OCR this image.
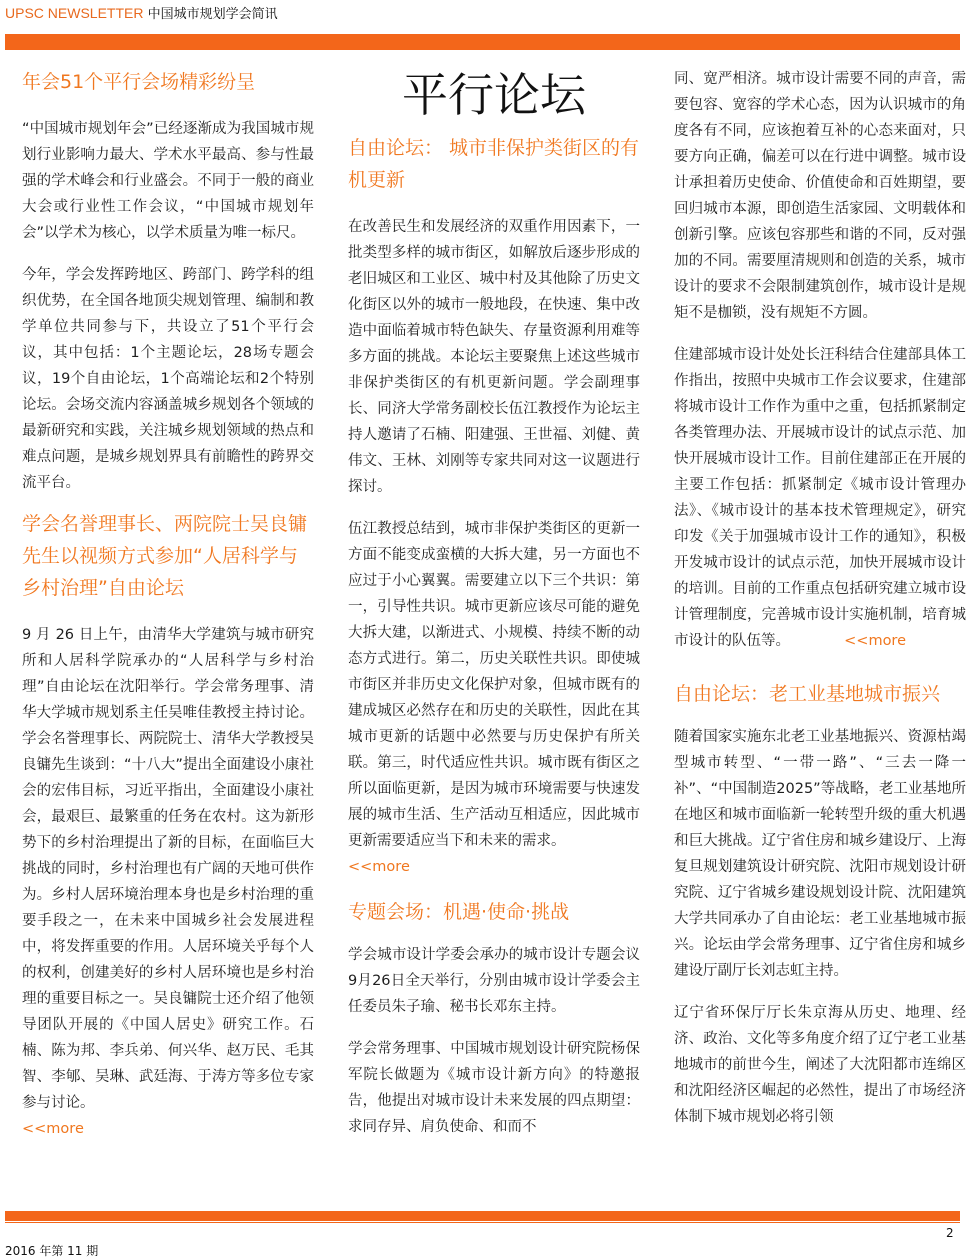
UPSC NEWSLETTER 中国城市规划学会简讯
年会51个平行会场精彩纷呈

“中国城市规划年会”已经逐渐成为我国城市规划行业影响力最大、学术水平最高、参与性最强的学术峰会和行业盛会。不同于一般的商业大会或行业性工作会议，“中国城市规划年会”以学术为核心，以学术质量为唯一标尺。

今年，学会发挥跨地区、跨部门、跨学科的组织优势，在全国各地顶尖规划管理、编制和教学单位共同参与下，共设立了51个平行会议，其中包括：1个主题论坛，28场专题会议，19个自由论坛，1个高端论坛和2个特别论坛。会场交流内容涵盖城乡规划各个领域的最新研究和实践，关注城乡规划领域的热点和难点问题，是城乡规划界具有前瞻性的跨界交流平台。

学会名誉理事长、两院院士吴良镛先生以视频方式参加“人居科学与乡村治理”自由论坛

9 月 26 日上午，由清华大学建筑与城市研究所和人居科学院承办的“人居科学与乡村治理”自由论坛在沈阳举行。学会常务理事、清华大学城市规划系主任吴唯佳教授主持讨论。学会名誉理事长、两院院士、清华大学教授吴良镛先生谈到：“十八大”提出全面建设小康社会的宏伟目标，习近平指出，全面建设小康社会，最艰巨、最繁重的任务在农村。这为新形势下的乡村治理提出了新的目标，在面临巨大挑战的同时，乡村治理也有广阔的天地可供作为。乡村人居环境治理本身也是乡村治理的重要手段之一，在未来中国城乡社会发展进程中，将发挥重要的作用。人居环境关乎每个人的权利，创建美好的乡村人居环境也是乡村治理的重要目标之一。吴良镛院士还介绍了他领导团队开展的《中国人居史》研究工作。石楠、陈为邦、李兵弟、何兴华、赵万民、毛其智、李郇、吴琳、武廷海、于涛方等多位专家参与讨论。

<<more
平行论坛
自由论坛： 城市非保护类街区的有机更新

在改善民生和发展经济的双重作用因素下，一批类型多样的城市街区，如解放后逐步形成的老旧城区和工业区、城中村及其他除了历史文化街区以外的城市一般地段，在快速、集中改造中面临着城市特色缺失、存量资源利用难等多方面的挑战。本论坛主要聚焦上述这些城市非保护类街区的有机更新问题。学会副理事长、同济大学常务副校长伍江教授作为论坛主持人邀请了石楠、阳建强、王世福、刘健、黄伟文、王林、刘刚等专家共同对这一议题进行探讨。

伍江教授总结到，城市非保护类街区的更新一方面不能变成蛮横的大拆大建，另一方面也不应过于小心翼翼。需要建立以下三个共识：第一，引导性共识。城市更新应该尽可能的避免大拆大建，以渐进式、小规模、持续不断的动态方式进行。第二，历史关联性共识。即使城市街区并非历史文化保护对象，但城市既有的建成城区必然存在和历史的关联性，因此在其城市更新的话题中必然要与历史保护有所关联。第三，时代适应性共识。城市既有街区之所以面临更新，是因为城市环境需要与快速发展的城市生活、生产活动互相适应，因此城市更新需要适应当下和未来的需求。

<<more
专题会场：机遇·使命·挑战

学会城市设计学委会承办的城市设计专题会议9月26日全天举行，分别由城市设计学委会主任委员朱子瑜、秘书长邓东主持。

学会常务理事、中国城市规划设计研究院杨保军院长做题为《城市设计新方向》的特邀报告，他提出对城市设计未来发展的四点期望：求同存异、肩负使命、和而不

同、宽严相济。城市设计需要不同的声音，需要包容、宽容的学术心态，因为认识城市的角度各有不同，应该抱着互补的心态来面对，只要方向正确，偏差可以在行进中调整。城市设计承担着历史使命、价值使命和百姓期望，要回归城市本源，即创造生活家园、文明载体和创新引擎。应该包容那些和谐的不同，反对强加的不同。需要厘清规则和创造的关系，城市设计的要求不会限制建筑创作，城市设计是规矩不是枷锁，没有规矩不方圆。

住建部城市设计处处长汪科结合住建部具体工作指出，按照中央城市工作会议要求，住建部将城市设计工作作为重中之重，包括抓紧制定各类管理办法、开展城市设计的试点示范、加快开展城市设计工作。目前住建部正在开展的主要工作包括：抓紧制定《城市设计管理办法》、《城市设计的基本技术管理规定》，研究印发《关于加强城市设计工作的通知》，积极开发城市设计的试点示范，加快开展城市设计的培训。目前的工作重点包括研究建立城市设计管理制度，完善城市设计实施机制，培育城市设计的队伍等。	<<more
自由论坛：老工业基地城市振兴

随着国家实施东北老工业基地振兴、资源枯竭型城市转型、“一带一路”、“三去一降一补”、“中国制造2025”等战略，老工业基地所在地区和城市面临新一轮转型升级的重大机遇和巨大挑战。辽宁省住房和城乡建设厅、上海复旦规划建筑设计研究院、沈阳市规划设计研究院、辽宁省城乡建设规划设计院、沈阳建筑大学共同承办了自由论坛：老工业基地城市振兴。论坛由学会常务理事、辽宁省住房和城乡建设厅副厅长刘志虹主持。

辽宁省环保厅厅长朱京海从历史、地理、经济、政治、文化等多角度介绍了辽宁老工业基地城市的前世今生，阐述了大沈阳都市连绵区和沈阳经济区崛起的必然性，提出了市场经济体制下城市规划必将引领

2
2016 年第 11 期
